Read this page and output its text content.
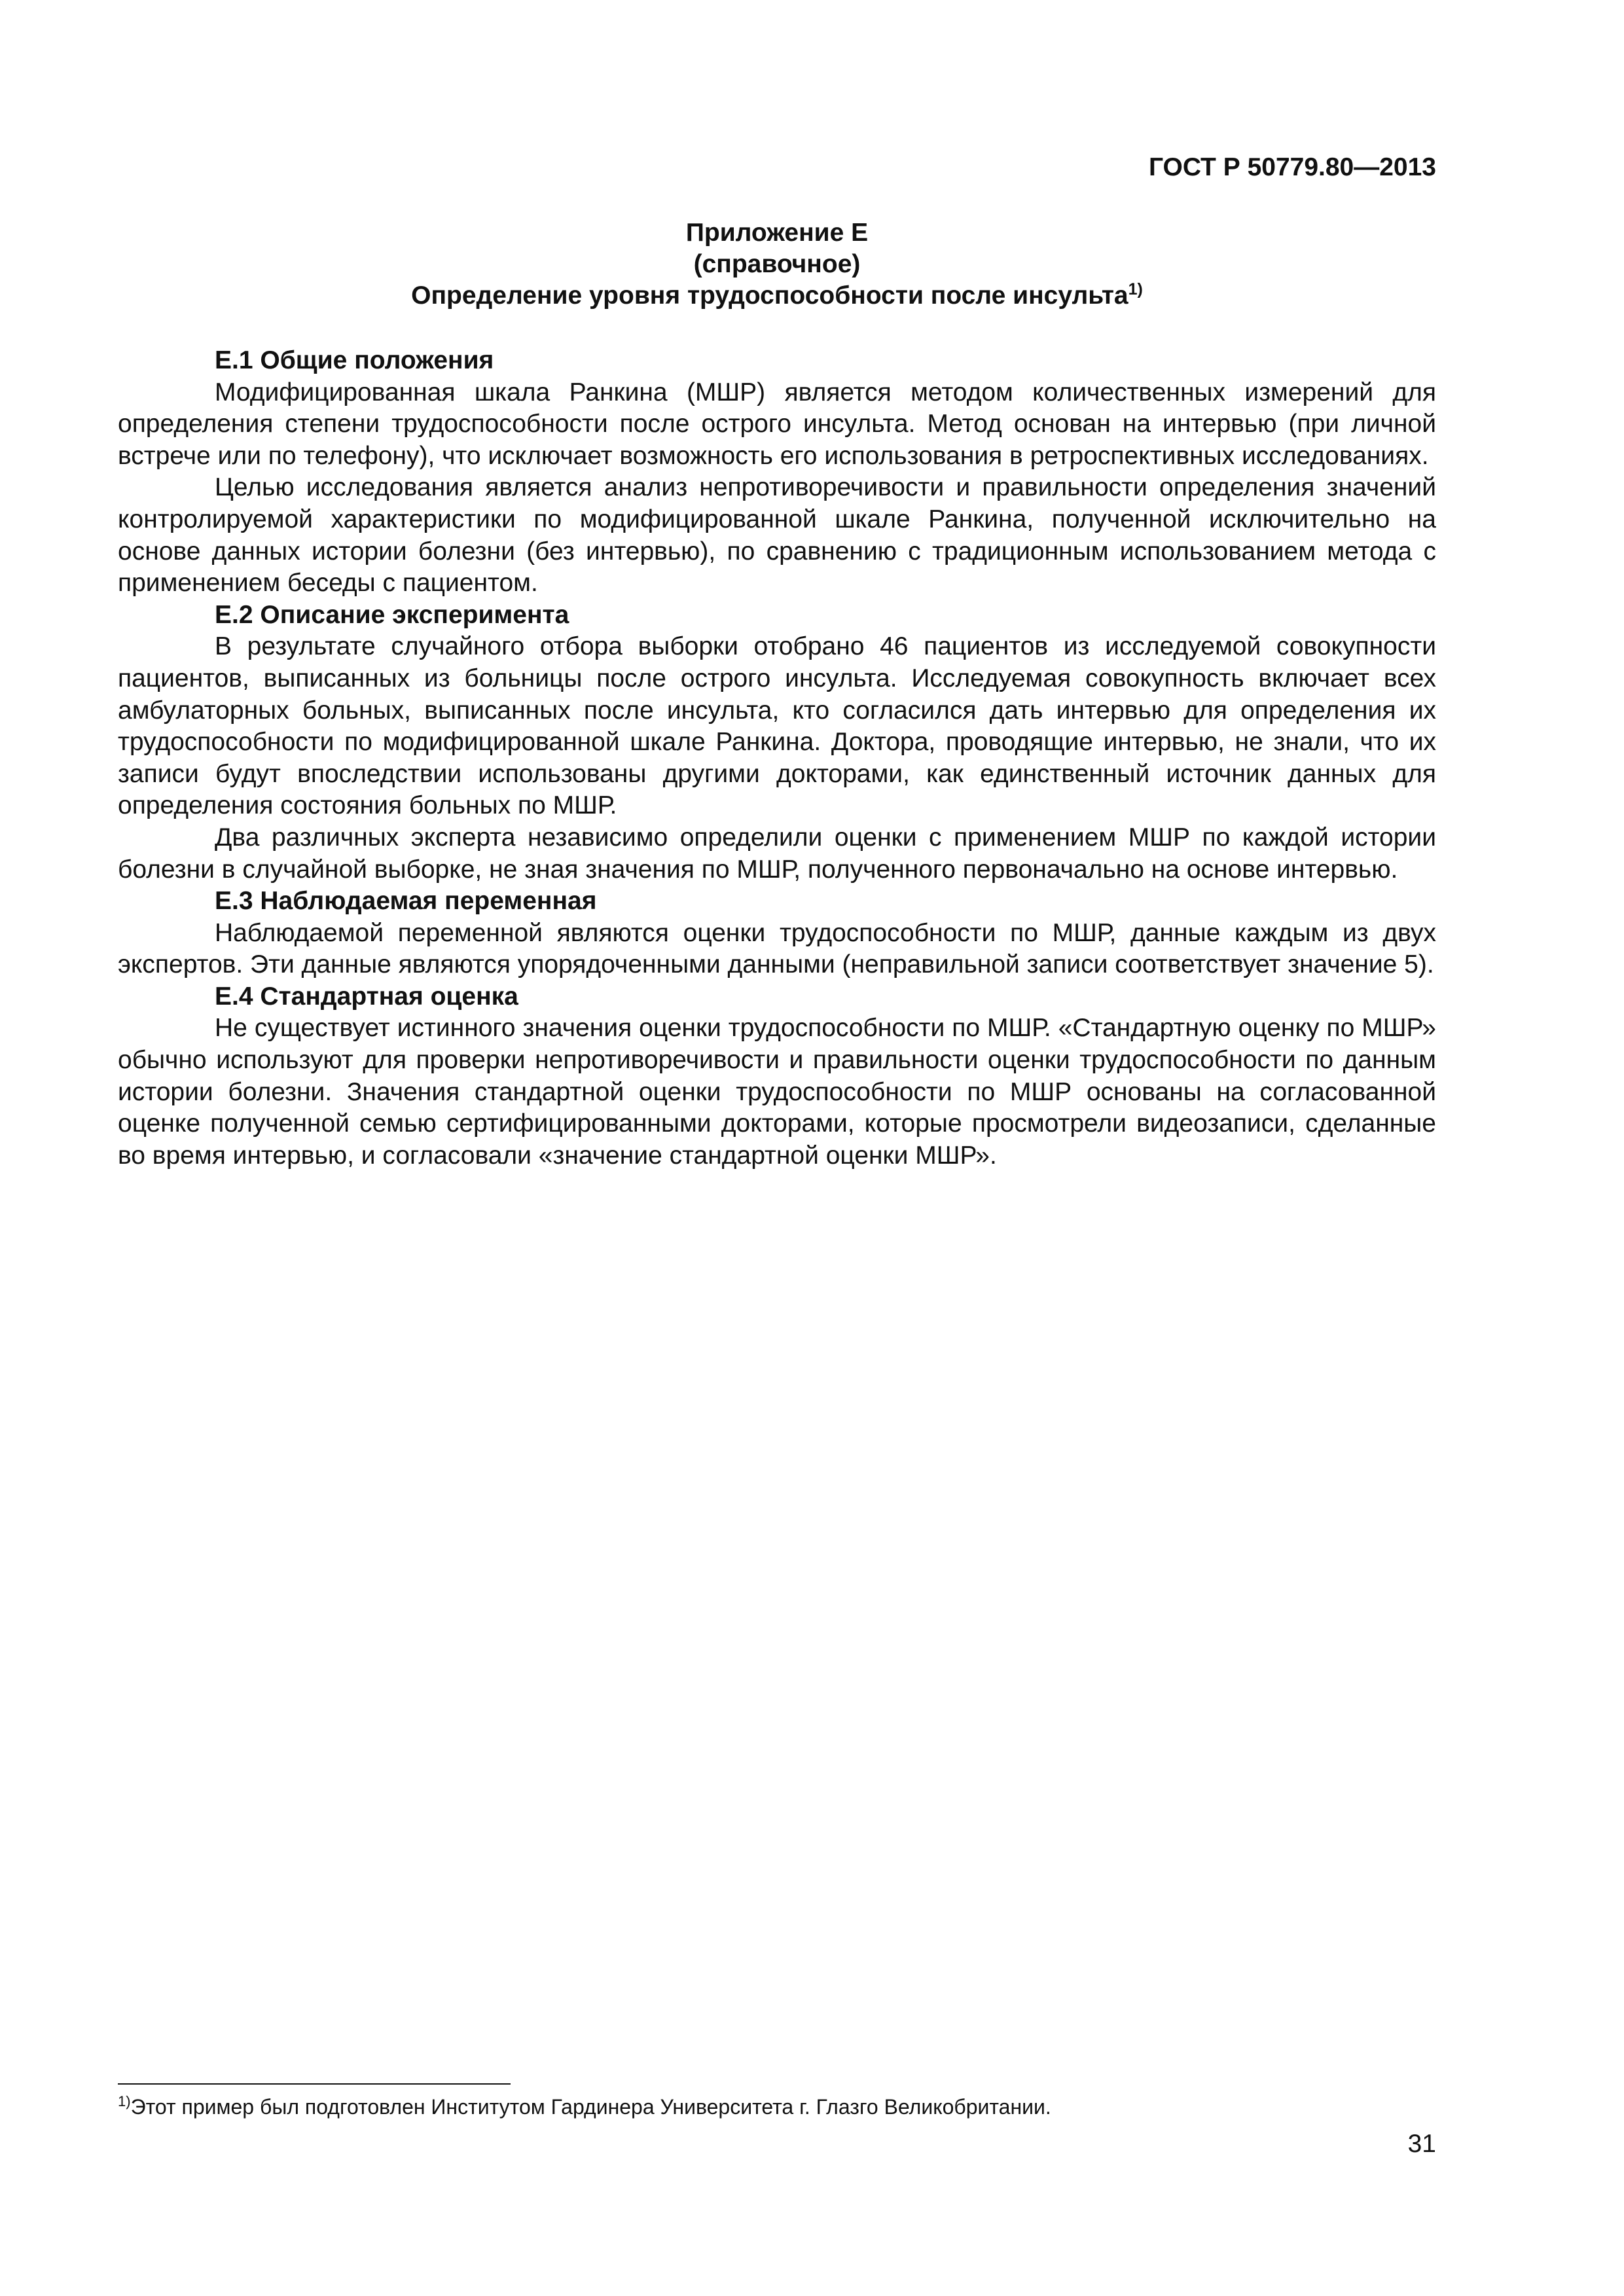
ГОСТ Р 50779.80—2013
Приложение Е
(справочное)
Определение уровня трудоспособности после инсульта$^{1)}$

Е.1 Общие положения

Модифицированная шкала Ранкина (МШР) является методом количественных измерений для определения степени трудоспособности после острого инсульта. Метод основан на интервью (при личной встрече или по телефону), что исключает возможность его использования в ретроспективных исследованиях.

Целью исследования является анализ непротиворечивости и правильности определения значений контролируемой характеристики по модифицированной шкале Ранкина, полученной исключительно на основе данных истории болезни (без интервью), по сравнению с традиционным использованием метода с применением беседы с пациентом.

Е.2 Описание эксперимента

В результате случайного отбора выборки отобрано 46 пациентов из исследуемой совокупности пациентов, выписанных из больницы после острого инсульта. Исследуемая совокупность включает всех амбулаторных больных, выписанных после инсульта, кто согласился дать интервью для определения их трудоспособности по модифицированной шкале Ранкина. Доктора, проводящие интервью, не знали, что их записи будут впоследствии использованы другими докторами, как единственный источник данных для определения состояния больных по МШР.

Два различных эксперта независимо определили оценки с применением МШР по каждой истории болезни в случайной выборке, не зная значения по МШР, полученного первоначально на основе интервью.

Е.3 Наблюдаемая переменная

Наблюдаемой переменной являются оценки трудоспособности по МШР, данные каждым из двух экспертов. Эти данные являются упорядоченными данными (неправильной записи соответствует значение 5).

Е.4 Стандартная оценка

Не существует истинного значения оценки трудоспособности по МШР. «Стандартную оценку по МШР» обычно используют для проверки непротиворечивости и правильности оценки трудоспособности по данным истории болезни. Значения стандартной оценки трудоспособности по МШР основаны на согласованной оценке полученной семью сертифицированными докторами, которые просмотрели видеозаписи, сделанные во время интервью, и согласовали «значение стандартной оценки МШР».

$^{1)}$Этот пример был подготовлен Институтом Гардинера Университета г. Глазго Великобритании.
31
